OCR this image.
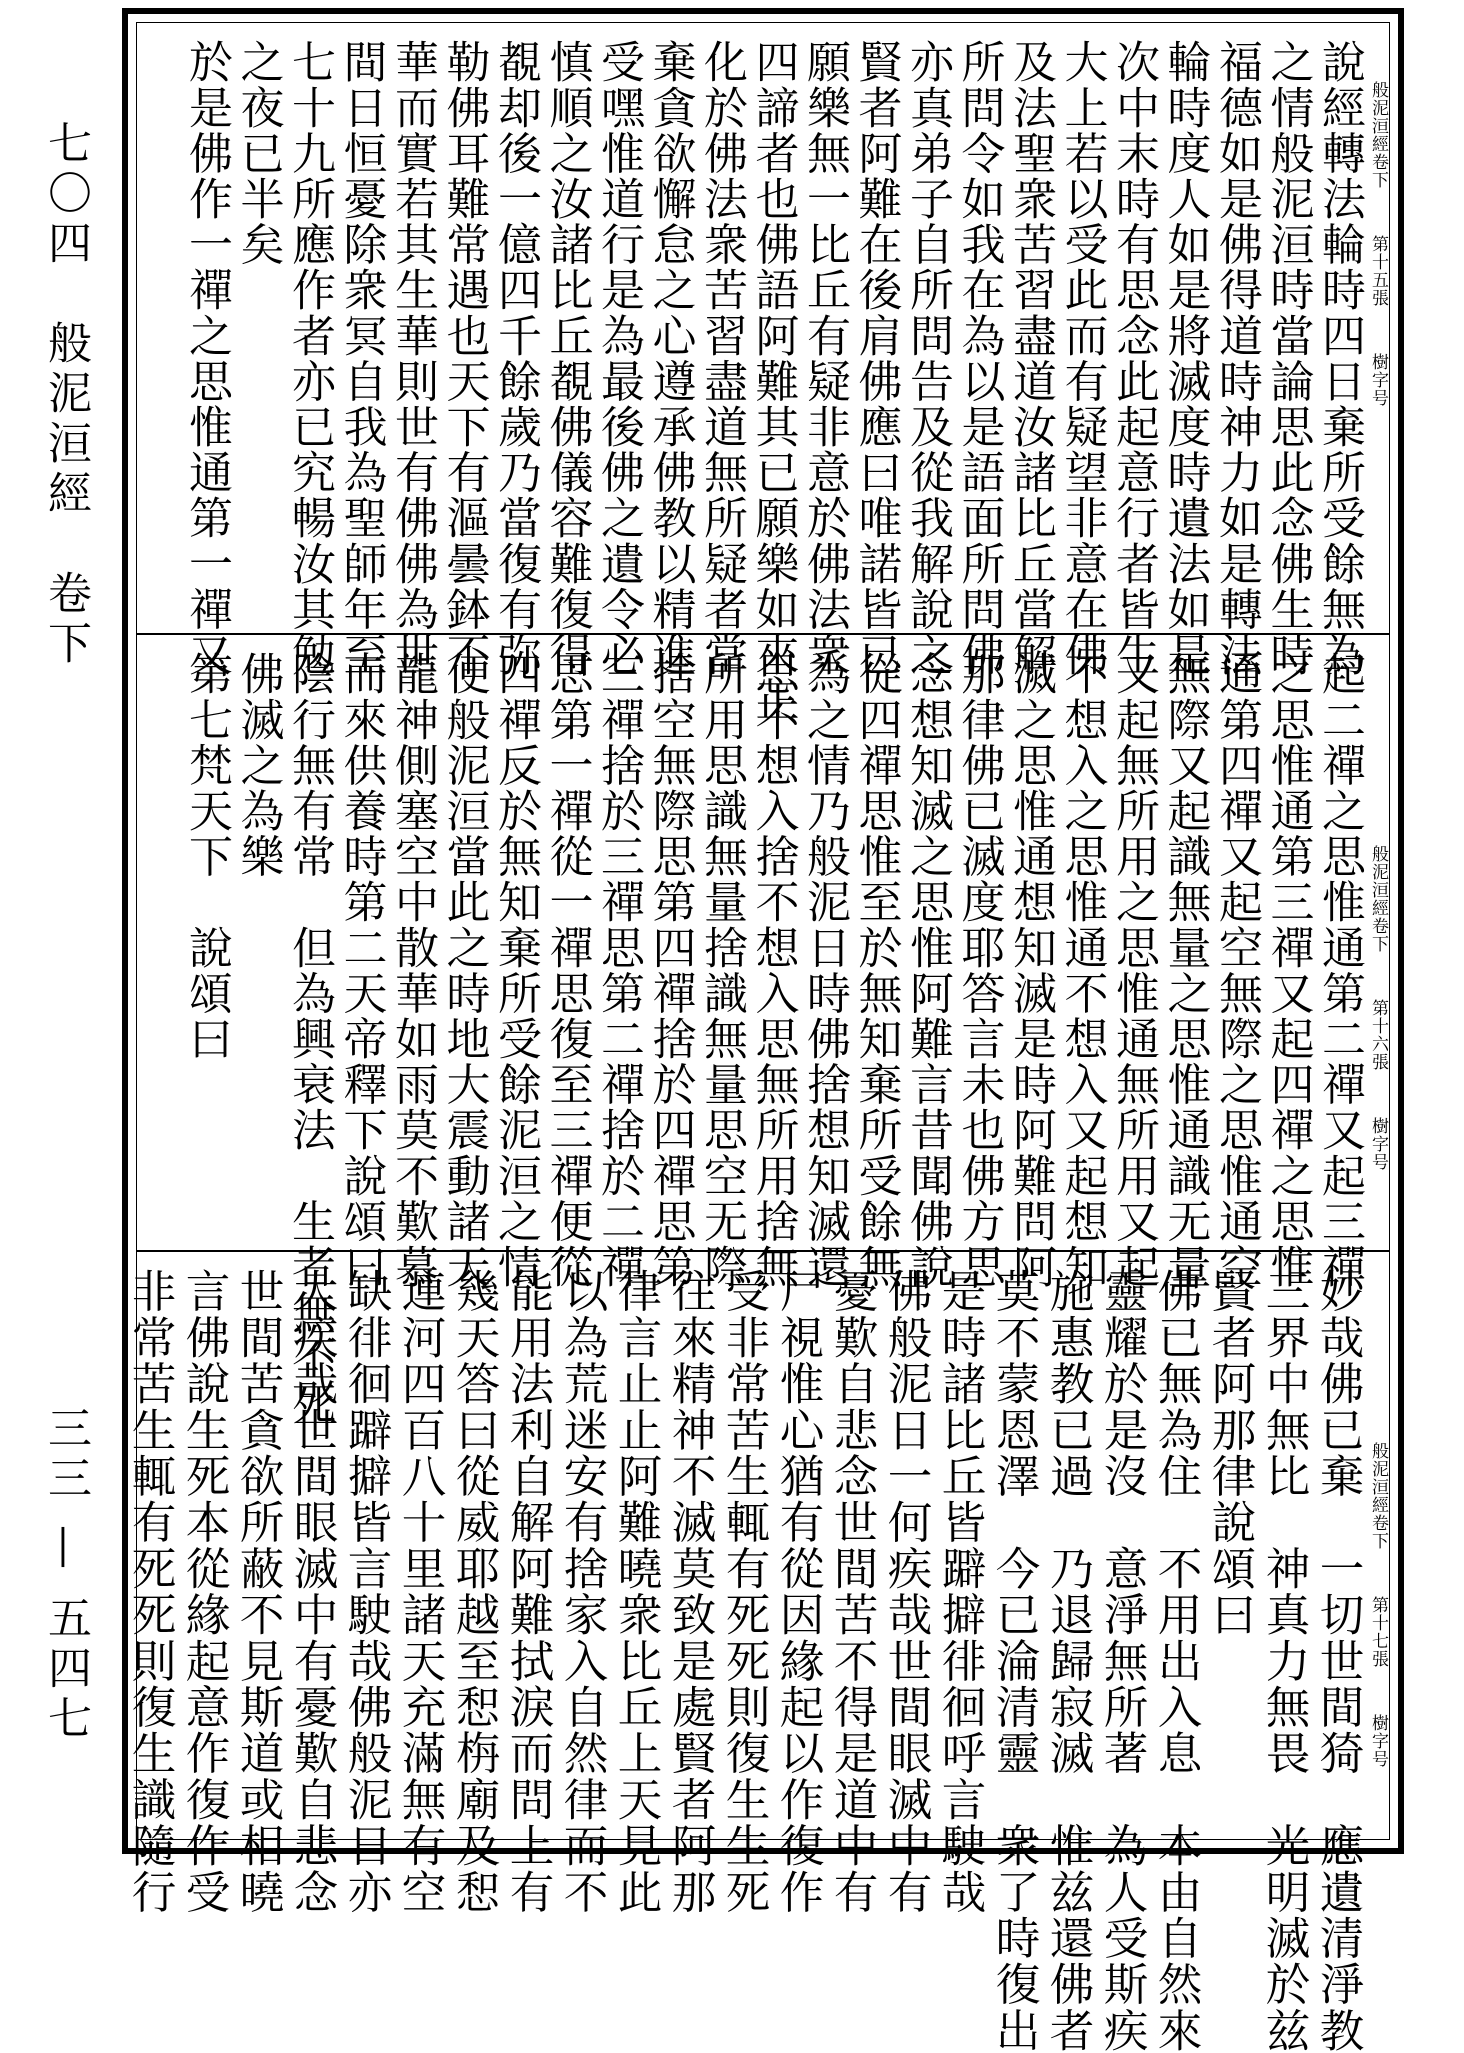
七〇四　般泥洹經　卷下
三三 — 五四七
般泥洹經卷下第十五張樹字号
說經轉法輪時四日棄所受餘無為
之情般泥洹時當論思此念佛生時
福德如是佛得道時神力如是轉法
輪時度人如是將滅度時遺法如是
次中末時有思念此起意行者皆生
大上若以受此而有疑望非意在佛
及法聖衆苦習盡道汝諸比丘當解
所問令如我在為以是語面所問佛
亦真弟子自所問告及從我解說之
賢者阿難在後肩佛應曰唯諾皆已
願樂無一比丘有疑非意於佛法衆
四諦者也佛語阿難其已願樂如來正
化於佛法衆苦習盡道無所疑者當
棄貪欲懈怠之心遵承佛教以精進
受嘿惟道行是為最後佛之遺令必
慎順之汝諸比丘覩佛儀容難復得
覩却後一億四千餘歲乃當復有弥
勒佛耳難常遇也天下有漚曇鉢不
華而實若其生華則世有佛佛為世
間日恒憂除衆冥自我為聖師年至
七十九所應作者亦已究暢汝其勉
之夜已半矣
於是佛作一禪之思惟通第一禪又
般泥洹經卷下第十六張樹字号
起二禪之思惟通第二禪又起三禪
之思惟通第三禪又起四禪之思惟
通第四禪又起空無際之思惟通空
無際又起識無量之思惟通識无量
又起無所用之思惟通無所用又起
不想入之思惟通不想入又起想知
滅之思惟通想知滅是時阿難問阿
那律佛已滅度耶答言未也佛方思
念想知滅之思惟阿難言昔聞佛說
從四禪思惟至於無知棄所受餘無
為之情乃般泥日時佛捨想知滅還
思不想入捨不想入思無所用捨無
所用思識無量捨識無量思空无際
捨空無際思第四禪捨於四禪思第
三禪捨於三禪思第二禪捨於二禪
思第一禪從一禪思復至三禪便從
四禪反於無知棄所受餘泥洹之情
便般泥洹當此之時地大震動諸天
龍神側塞空中散華如雨莫不歎慕
而來供養時第二天帝釋下說頌曰
陰行無有常　但為興衰法　生者無不死
佛滅之為樂
第七梵天下　說頌曰
般泥洹經卷下第十七張樹字号
妙哉佛已棄　一切世間猗　應遺清淨教
三界中無比　神真力無畏　光明滅於兹
賢者阿那律說頌曰
佛已無為住　不用出入息　本由自然來
靈耀於是沒　意淨無所著　為人受斯疾
施惠教已過　乃退歸寂滅　惟兹還佛者
莫不蒙恩澤　今已淪清靈　衆了時復出
是時諸比丘皆躃擗徘徊呼言駛哉
佛般泥日一何疾哉世間眼滅中有
憂歎自悲念世間苦不得是道中有
尸視惟心猶有從因緣起以作復作
受非常苦生輒有死死則復生生死
往來精神不滅莫致是處賢者阿那
律言止止阿難曉衆比丘上天見此
以為荒迷安有捨家入自然律而不
能用法利自解阿難拭淚而問上有
幾天答曰從威耶越至惒栴廟及惒
連河四百八十里諸天充滿無有空
缺徘徊躃擗皆言駛哉佛般泥日亦
大疾哉世間眼滅中有憂歎自悲念
世間苦貪欲所蔽不見斯道或相曉
言佛說生死本從緣起意作復作受
非常苦生輒有死死則復生識隨行
